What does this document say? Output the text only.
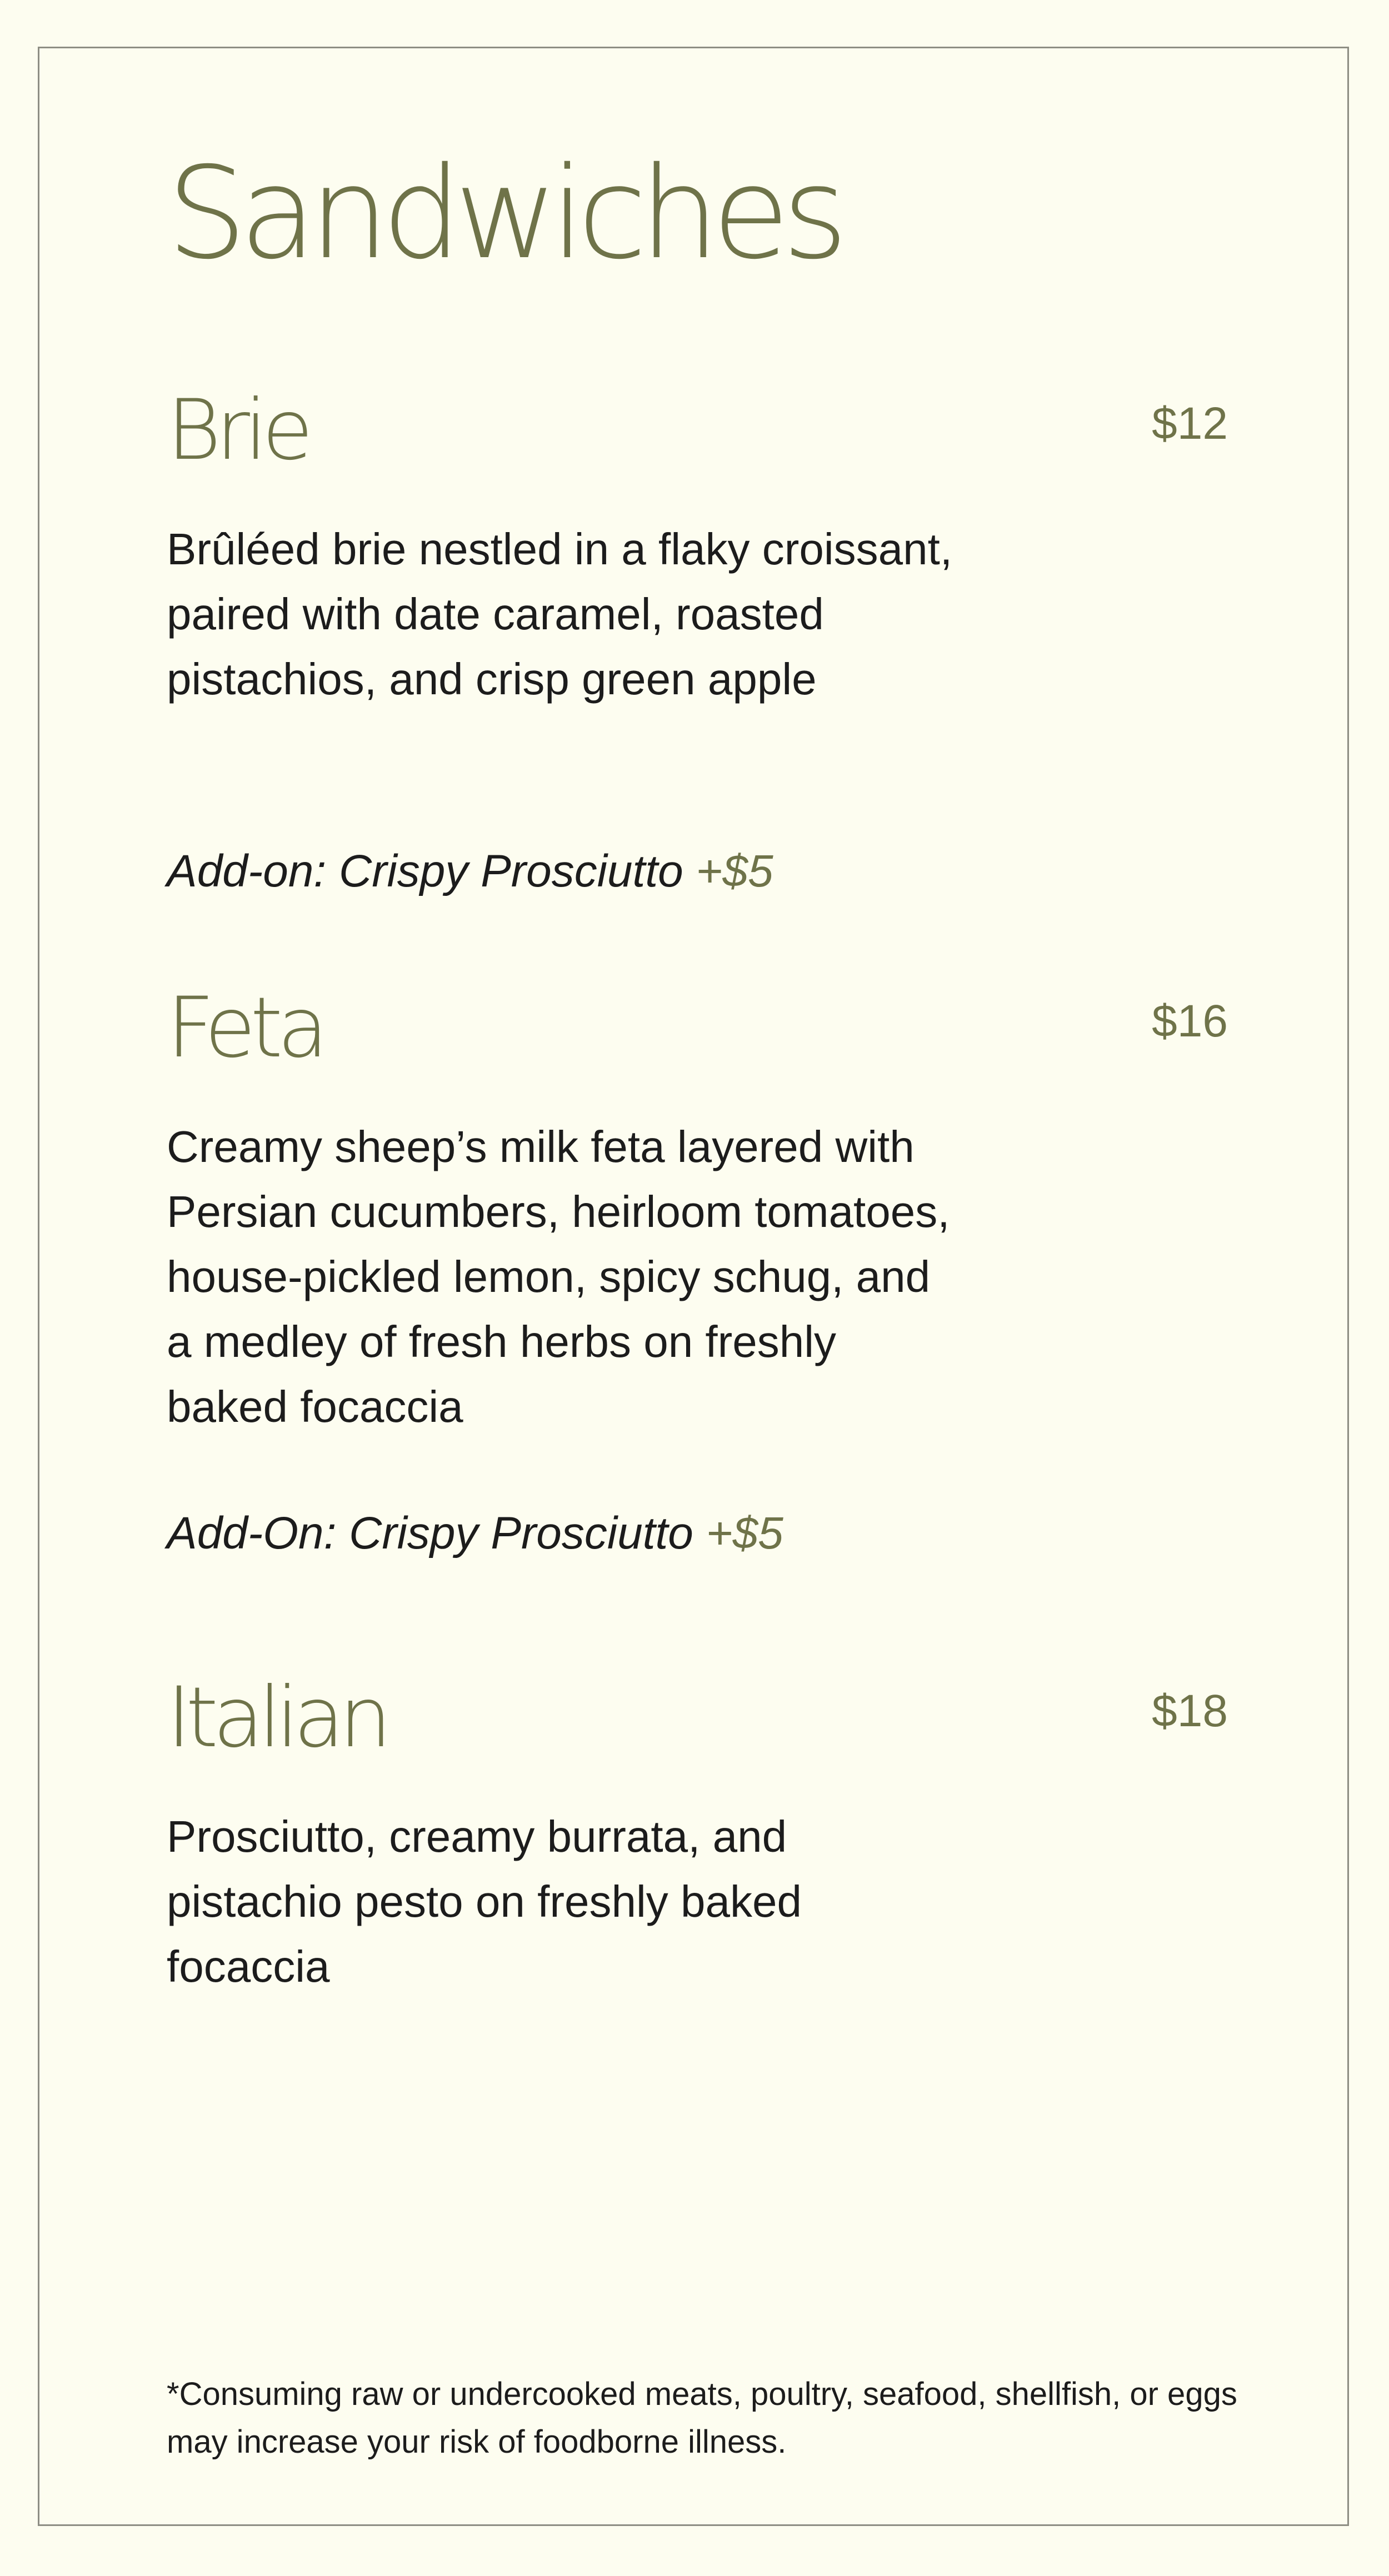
Sandwiches
Brie	$12

Brûléed brie nestled in a flaky croissant, paired with date caramel, roasted pistachios, and crisp green apple

Add-on: Crispy Prosciutto +$5

Feta	$16

Creamy sheep’s milk feta layered with Persian cucumbers, heirloom tomatoes, house-pickled lemon, spicy schug, and a medley of fresh herbs on freshly baked focaccia

Add-On: Crispy Prosciutto +$5

Italian	$18

Prosciutto, creamy burrata, and pistachio pesto on freshly baked focaccia

*Consuming raw or undercooked meats, poultry, seafood, shellfish, or eggs may increase your risk of foodborne illness.
